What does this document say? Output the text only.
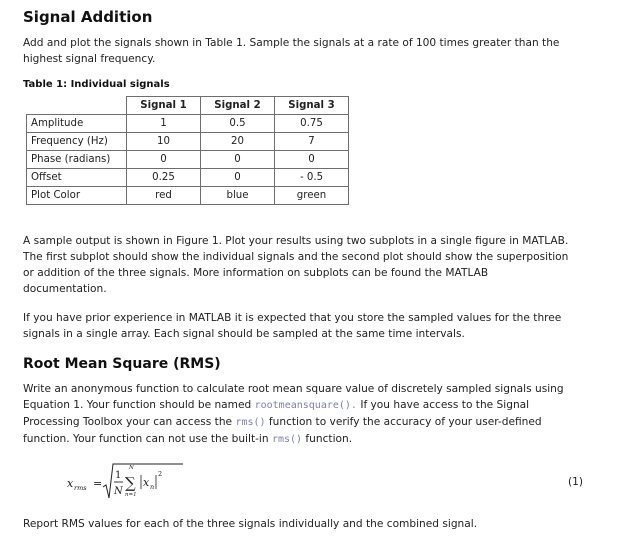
Signal Addition
Add and plot the signals shown in Table 1. Sample the signals at a rate of 100 times greater than the
highest signal frequency.
Table 1: Individual signals
	Signal 1	Signal 2	Signal 3
Amplitude	1	0.5	0.75
Frequency (Hz)	10	20	7
Phase (radians)	0	0	0
Offset	0.25	0	- 0.5
Plot Color	red	blue	green
A sample output is shown in Figure 1. Plot your results using two subplots in a single figure in MATLAB.
The first subplot should show the individual signals and the second plot should show the superposition
or addition of the three signals. More information on subplots can be found the MATLAB
documentation.
If you have prior experience in MATLAB it is expected that you store the sampled values for the three
signals in a single array. Each signal should be sampled at the same time intervals.
Root Mean Square (RMS)
Write an anonymous function to calculate root mean square value of discretely sampled signals using
Equation 1. Your function should be named rootmeansquare(). If you have access to the Signal
Processing Toolbox your can access the rms() function to verify the accuracy of your user-defined
function. Your function can not use the built-in rms() function.
x rms =
1
N
N
∑
n=1
x n
2
(1)
Report RMS values for each of the three signals individually and the combined signal.
